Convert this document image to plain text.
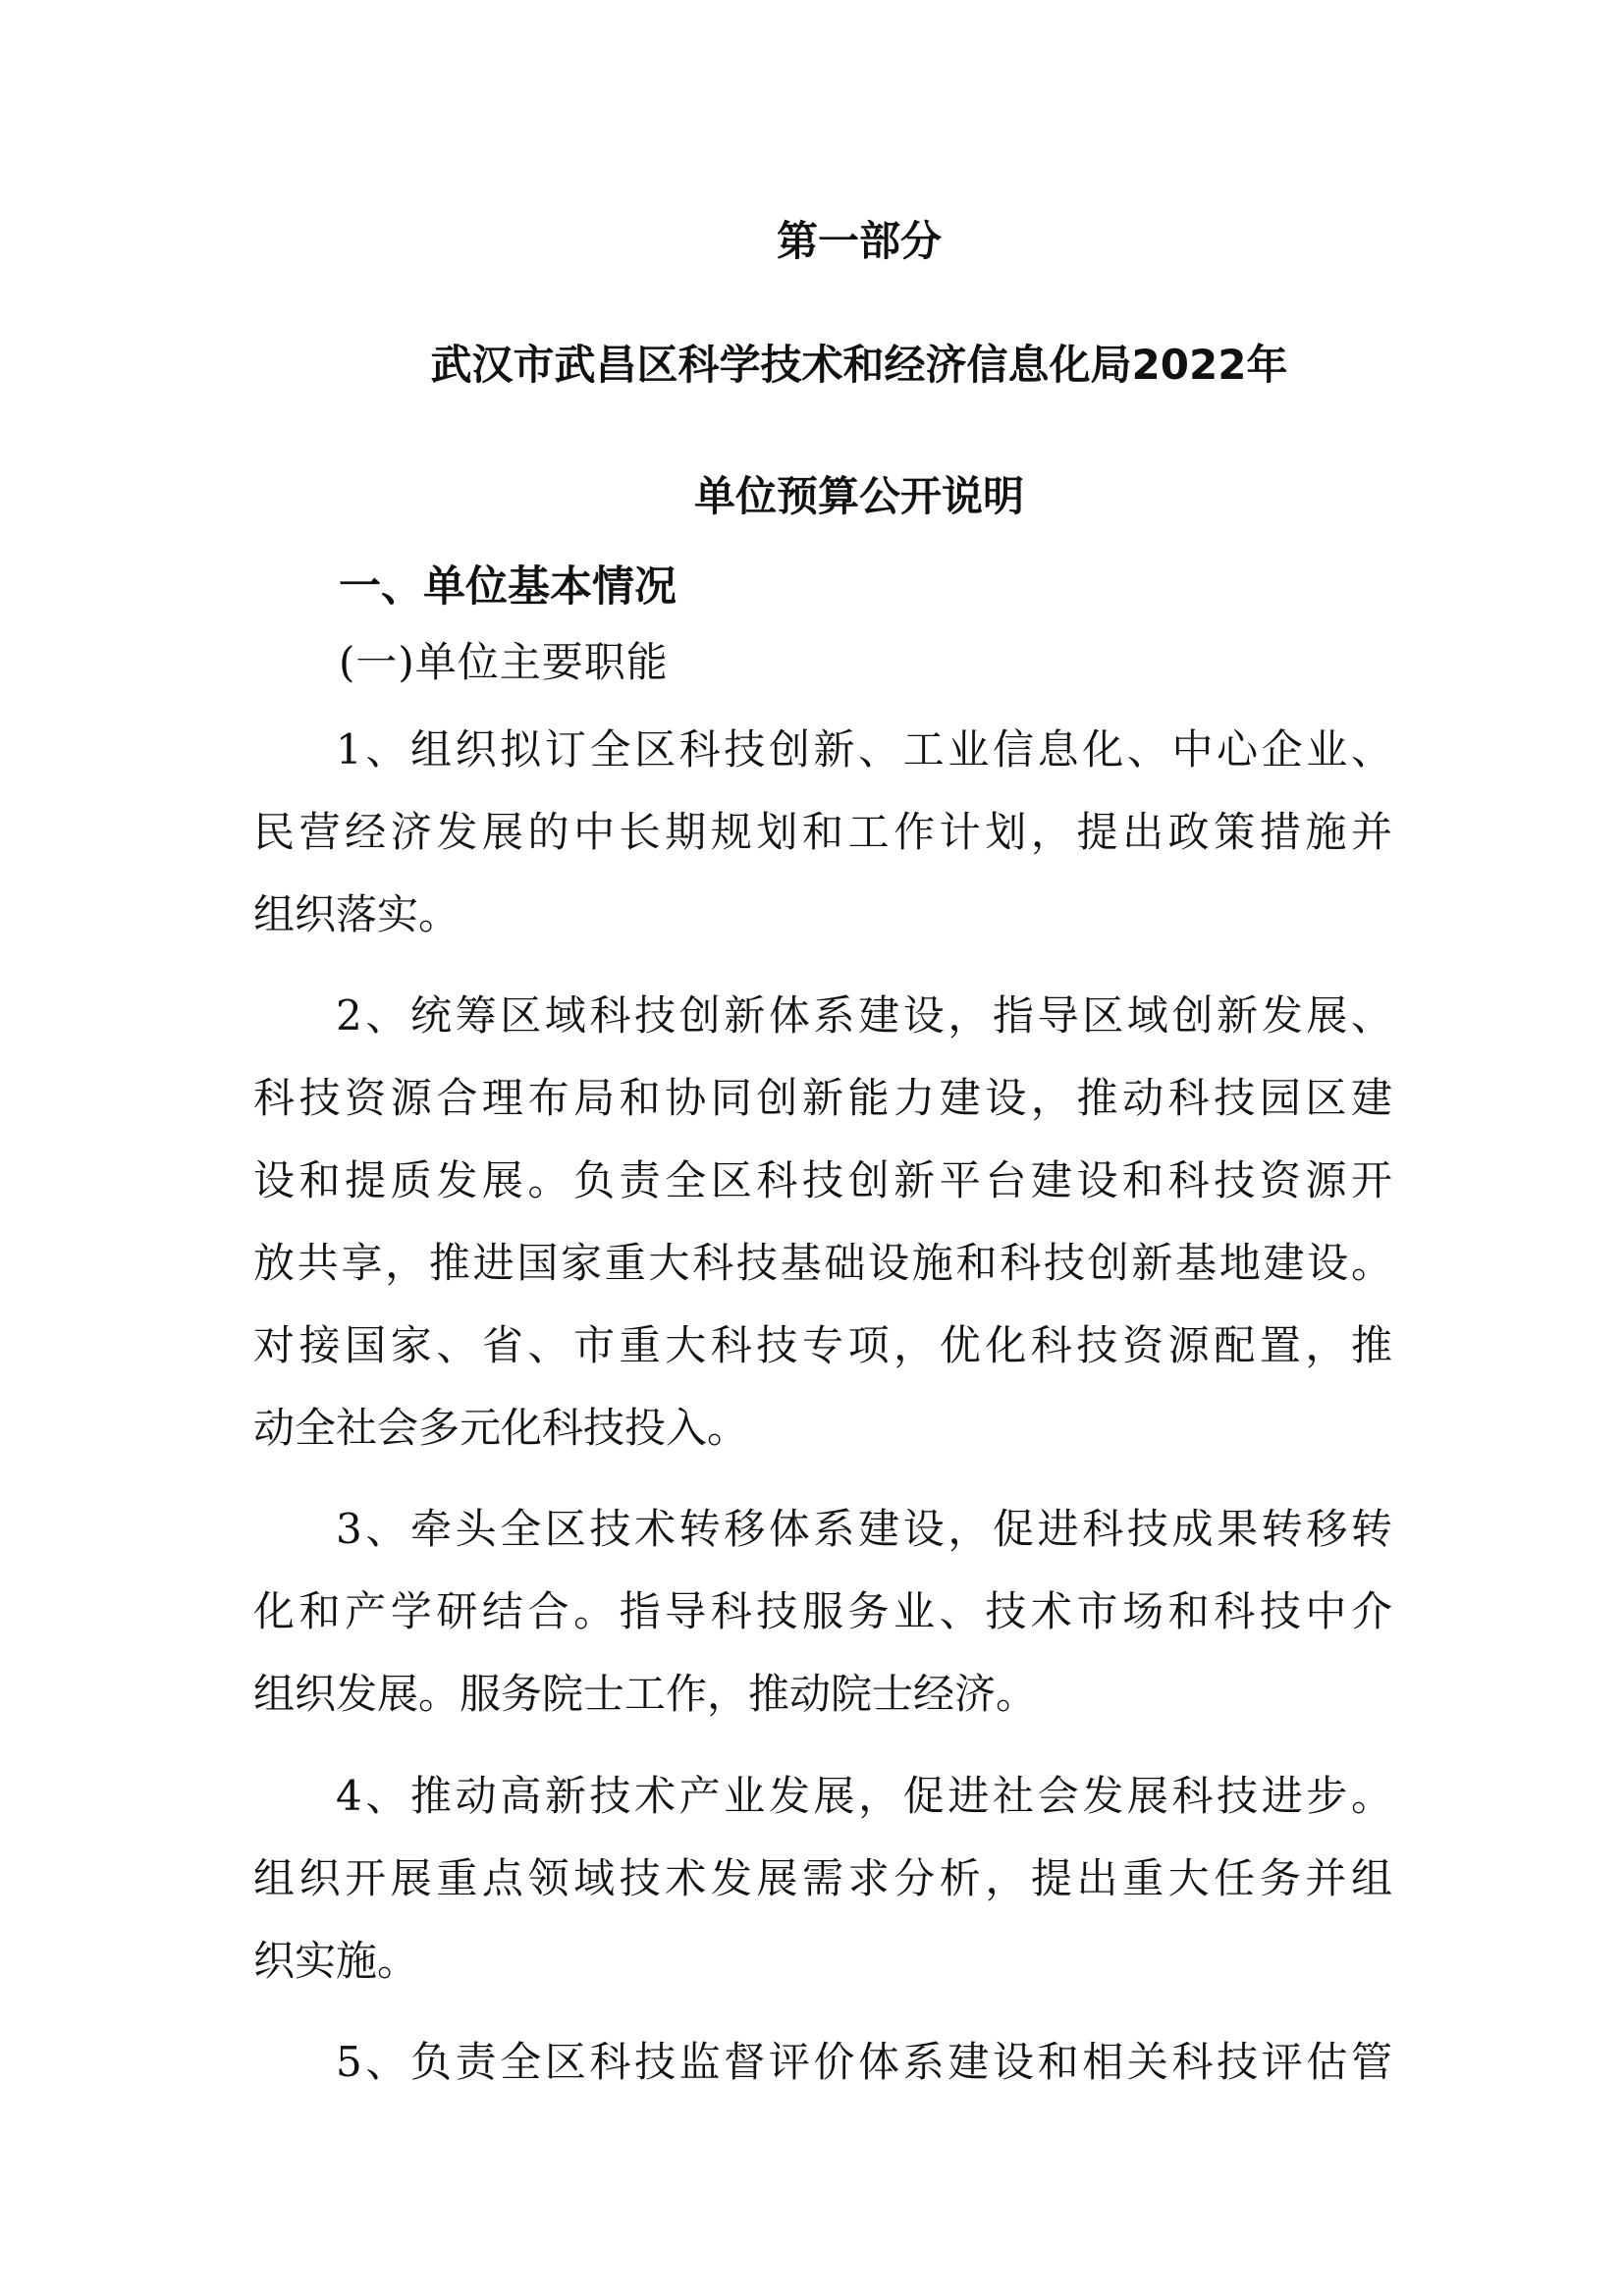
第一部分
武汉市武昌区科学技术和经济信息化局2022年
单位预算公开说明
一、单位基本情况
(一)单位主要职能
1、组织拟订全区科技创新、工业信息化、中心企业、
民营经济发展的中长期规划和工作计划，提出政策措施并
组织落实。
2、统筹区域科技创新体系建设，指导区域创新发展、
科技资源合理布局和协同创新能力建设，推动科技园区建
设和提质发展。负责全区科技创新平台建设和科技资源开
放共享，推进国家重大科技基础设施和科技创新基地建设。
对接国家、省、市重大科技专项，优化科技资源配置，推
动全社会多元化科技投入。
3、牵头全区技术转移体系建设，促进科技成果转移转
化和产学研结合。指导科技服务业、技术市场和科技中介
组织发展。服务院士工作，推动院士经济。
4、推动高新技术产业发展，促进社会发展科技进步。
组织开展重点领域技术发展需求分析，提出重大任务并组
织实施。
5、负责全区科技监督评价体系建设和相关科技评估管
